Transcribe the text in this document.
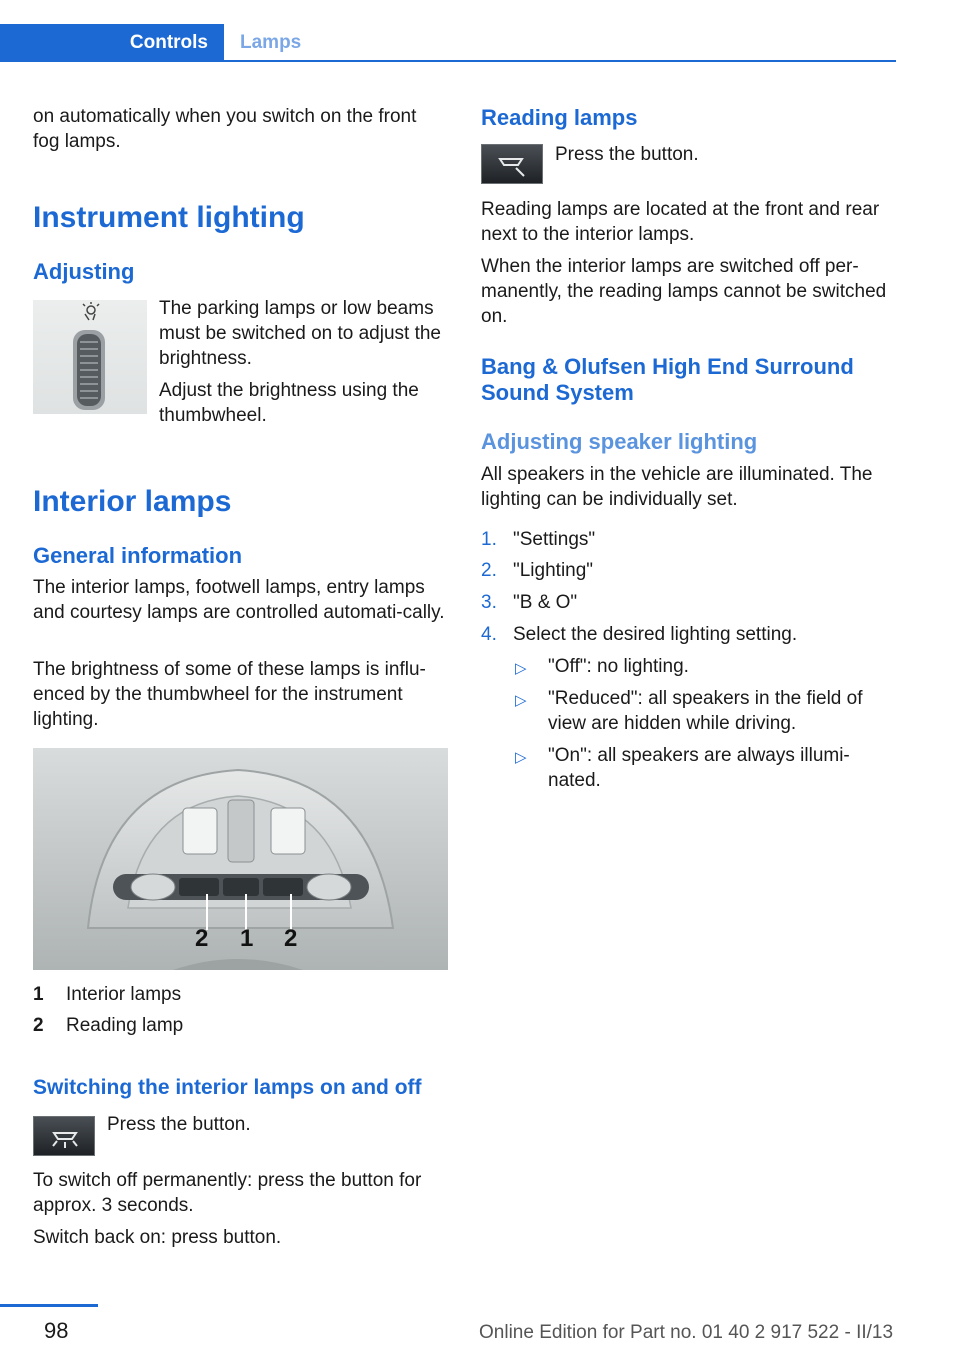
Controls	Lamps
on automatically when you switch on the front fog lamps.
Instrument lighting
Adjusting
The parking lamps or low beams must be switched on to adjust the brightness.
Adjust the brightness using the thumbwheel.
Interior lamps
General information
The interior lamps, footwell lamps, entry lamps and courtesy lamps are controlled automati‐cally.
The brightness of some of these lamps is influ‐enced by the thumbwheel for the instrument lighting.
2 1 2
1 Interior lamps
2 Reading lamp
Switching the interior lamps on and off
Press the button.
To switch off permanently: press the button for approx. 3 seconds.
Switch back on: press button.
Reading lamps
Press the button.
Reading lamps are located at the front and rear next to the interior lamps.
When the interior lamps are switched off per‐manently, the reading lamps cannot be switched on.
Bang & Olufsen High End Surround Sound System
Adjusting speaker lighting
All speakers in the vehicle are illuminated. The lighting can be individually set.
1. "Settings"
2. "Lighting"
3. "B & O"
4. Select the desired lighting setting.
▷ "Off": no lighting.
▷ "Reduced": all speakers in the field of view are hidden while driving.
▷ "On": all speakers are always illumi‐nated.
98	Online Edition for Part no. 01 40 2 917 522 - II/13
